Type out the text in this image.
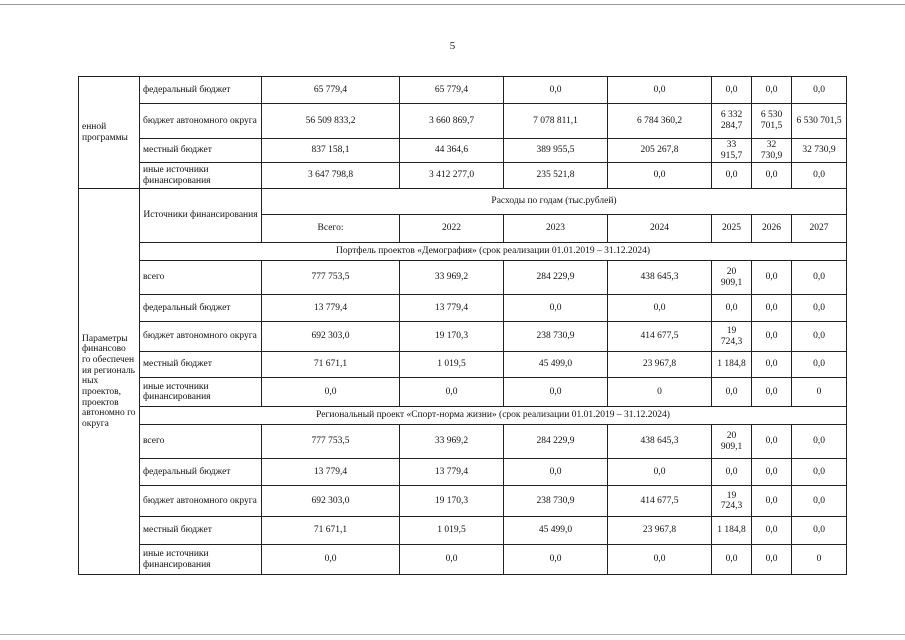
5
енной программы	федеральный бюджет	65 779,4	65 779,4	0,0	0,0	0,0	0,0	0,0	
	бюджет автономного округа	56 509 833,2	3 660 869,7	7 078 811,1	6 784 360,2	6 332 284,7	6 530 701,5	6 530 701,5	
	местный бюджет	837 158,1	44 364,6	389 955,5	205 267,8	33 915,7	32 730,9	32 730,9	
	иные источники финансирования	3 647 798,8	3 412 277,0	235 521,8	0,0	0,0	0,0	0,0	
Параметры финансово го обеспечен ия региональ ных проектов, проектов автономно го округа	Источники финансирования	Расходы по годам (тыс.рублей)							
		Всего:	2022	2023	2024	2025	2026	2027	
	Портфель проектов «Демография» (срок реализации 01.01.2019 – 31.12.2024)								
	всего	777 753,5	33 969,2	284 229,9	438 645,3	20 909,1	0,0	0,0	
	федеральный бюджет	13 779,4	13 779,4	0,0	0,0	0,0	0,0	0,0	
	бюджет автономного округа	692 303,0	19 170,3	238 730,9	414 677,5	19 724,3	0,0	0,0	
	местный бюджет	71 671,1	1 019,5	45 499,0	23 967,8	1 184,8	0,0	0,0	
	иные источники финансирования	0,0	0,0	0,0	0	0,0	0,0	0	
	Региональный проект «Спорт-норма жизни» (срок реализации 01.01.2019 – 31.12.2024)								
	всего	777 753,5	33 969,2	284 229,9	438 645,3	20 909,1	0,0	0,0	
	федеральный бюджет	13 779,4	13 779,4	0,0	0,0	0,0	0,0	0,0	
	бюджет автономного округа	692 303,0	19 170,3	238 730,9	414 677,5	19 724,3	0,0	0,0	
	местный бюджет	71 671,1	1 019,5	45 499,0	23 967,8	1 184,8	0,0	0,0	
	иные источники финансирования	0,0	0,0	0,0	0,0	0,0	0,0	0	
